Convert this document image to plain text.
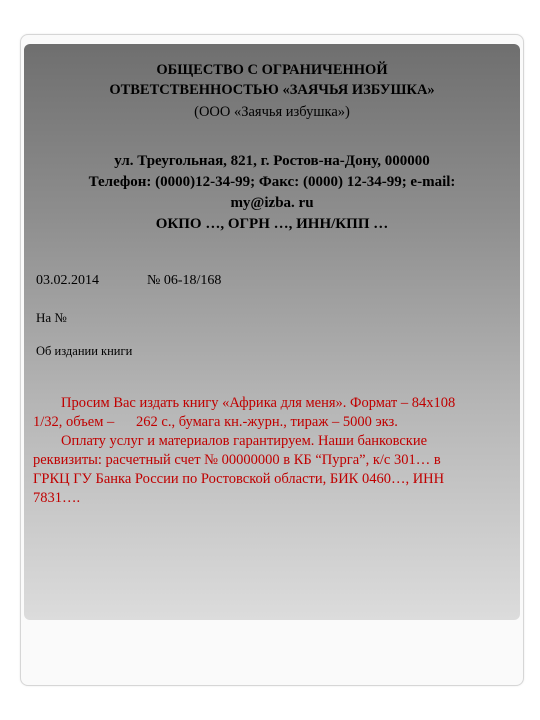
ОБЩЕСТВО С ОГРАНИЧЕННОЙ
ОТВЕТСТВЕННОСТЬЮ «ЗАЯЧЬЯ ИЗБУШКА»
(ООО «Заячья избушка»)
ул. Треугольная, 821, г. Ростов-на-Дону, 000000
Телефон: (0000)12-34-99; Факс: (0000) 12-34-99; e-mail:
my@izba. ru
ОКПО …, ОГРН …, ИНН/КПП …
03.02.2014	№ 06-18/168
На №
Об издании книги

Просим Вас издать книгу «Африка для меня». Формат – 84х108

1/32, объем –      262 с., бумага кн.-журн., тираж – 5000 экз.

Оплату услуг и материалов гарантируем. Наши банковские

реквизиты: расчетный счет № 00000000 в КБ “Пурга”, к/с 301… в

ГРКЦ ГУ Банка России по Ростовской области, БИК 0460…, ИНН

7831….
